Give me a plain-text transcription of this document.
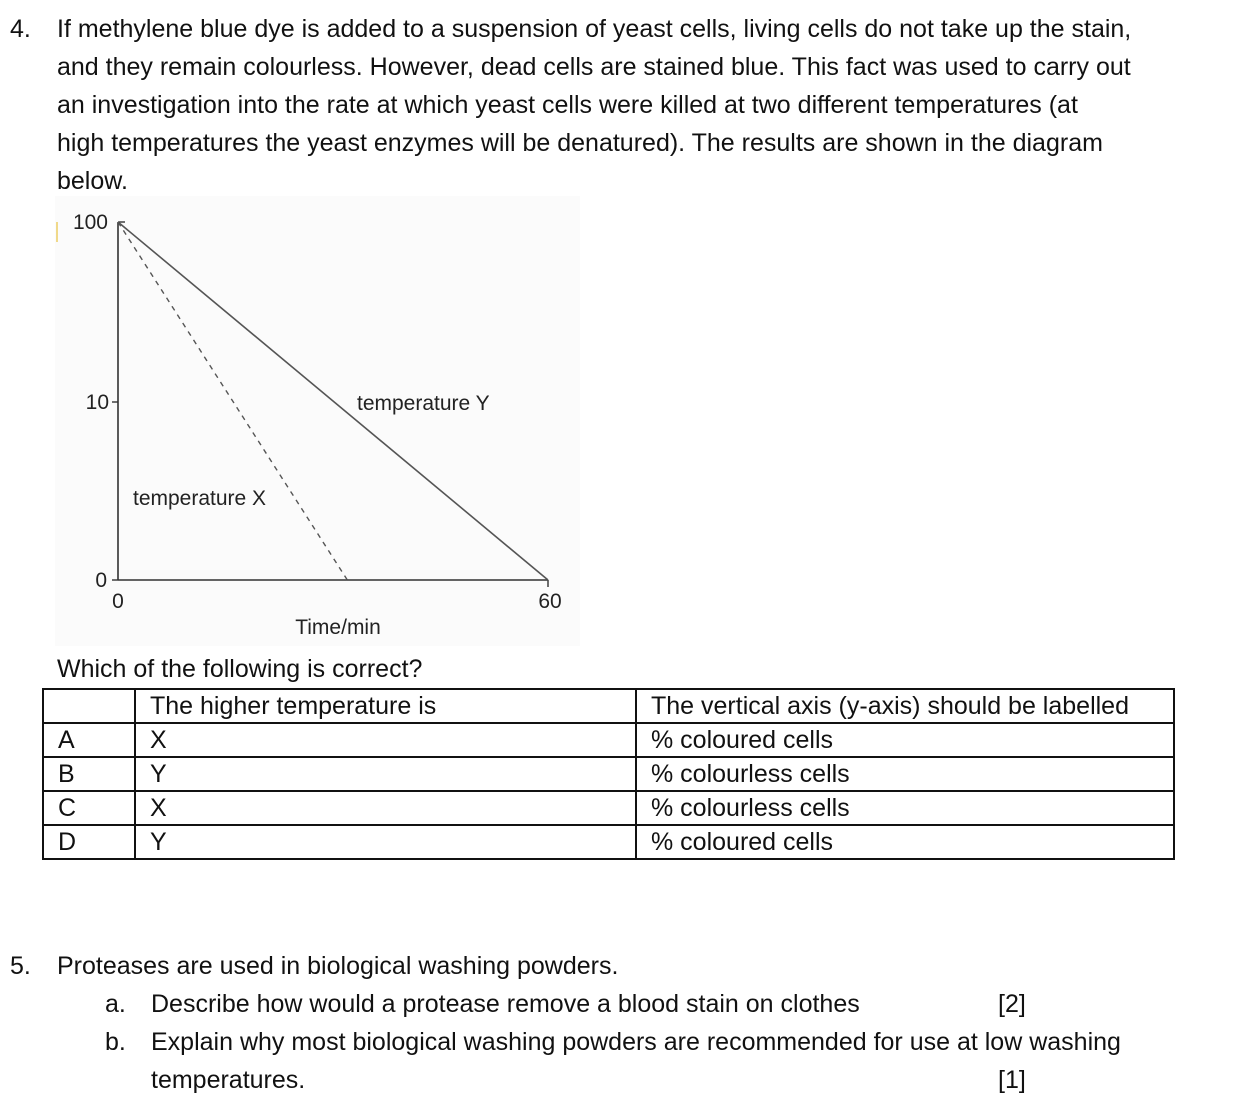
4. If methylene blue dye is added to a suspension of yeast cells, living cells do not take up the stain,

and they remain colourless. However, dead cells are stained blue. This fact was used to carry out

an investigation into the rate at which yeast cells were killed at two different temperatures (at

high temperatures the yeast enzymes will be denatured). The results are shown in the diagram

below.

100
10
0
0	60
temperature Y
temperature X
Time/min
Which of the following is correct?
	The higher temperature is	The vertical axis (y-axis) should be labelled
A	X	% coloured cells
B	Y	% colourless cells
C	X	% colourless cells
D	Y	% coloured cells
5. Proteases are used in biological washing powders.
a. Describe how would a protease remove a blood stain on clothes	[2]
b. Explain why most biological washing powders are recommended for use at low washing
temperatures.	[1]
